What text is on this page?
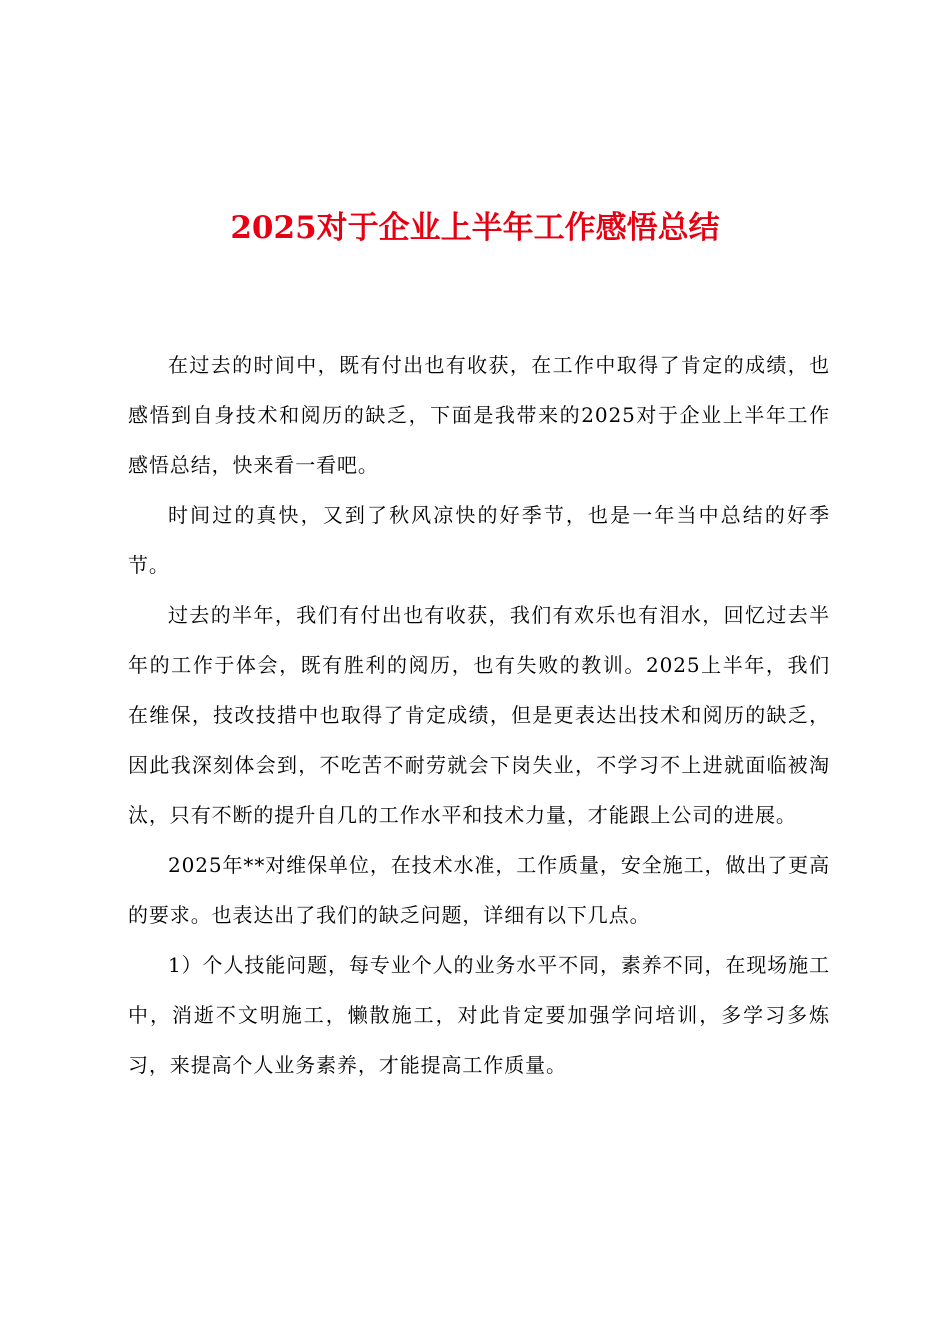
2025对于企业上半年工作感悟总结

在过去的时间中，既有付出也有收获，在工作中取得了肯定的成绩，也感悟到自身技术和阅历的缺乏，下面是我带来的2025对于企业上半年工作感悟总结，快来看一看吧。

时间过的真快，又到了秋风凉快的好季节，也是一年当中总结的好季节。

过去的半年，我们有付出也有收获，我们有欢乐也有泪水，回忆过去半年的工作于体会，既有胜利的阅历，也有失败的教训。2025上半年，我们在维保，技改技措中也取得了肯定成绩，但是更表达出技术和阅历的缺乏，因此我深刻体会到，不吃苦不耐劳就会下岗失业，不学习不上进就面临被淘汰，只有不断的提升自几的工作水平和技术力量，才能跟上公司的进展。

2025年**对维保单位，在技术水准，工作质量，安全施工，做出了更高的要求。也表达出了我们的缺乏问题，详细有以下几点。

1）个人技能问题，每专业个人的业务水平不同，素养不同，在现场施工中，消逝不文明施工，懒散施工，对此肯定要加强学问培训，多学习多炼习，来提高个人业务素养，才能提高工作质量。
